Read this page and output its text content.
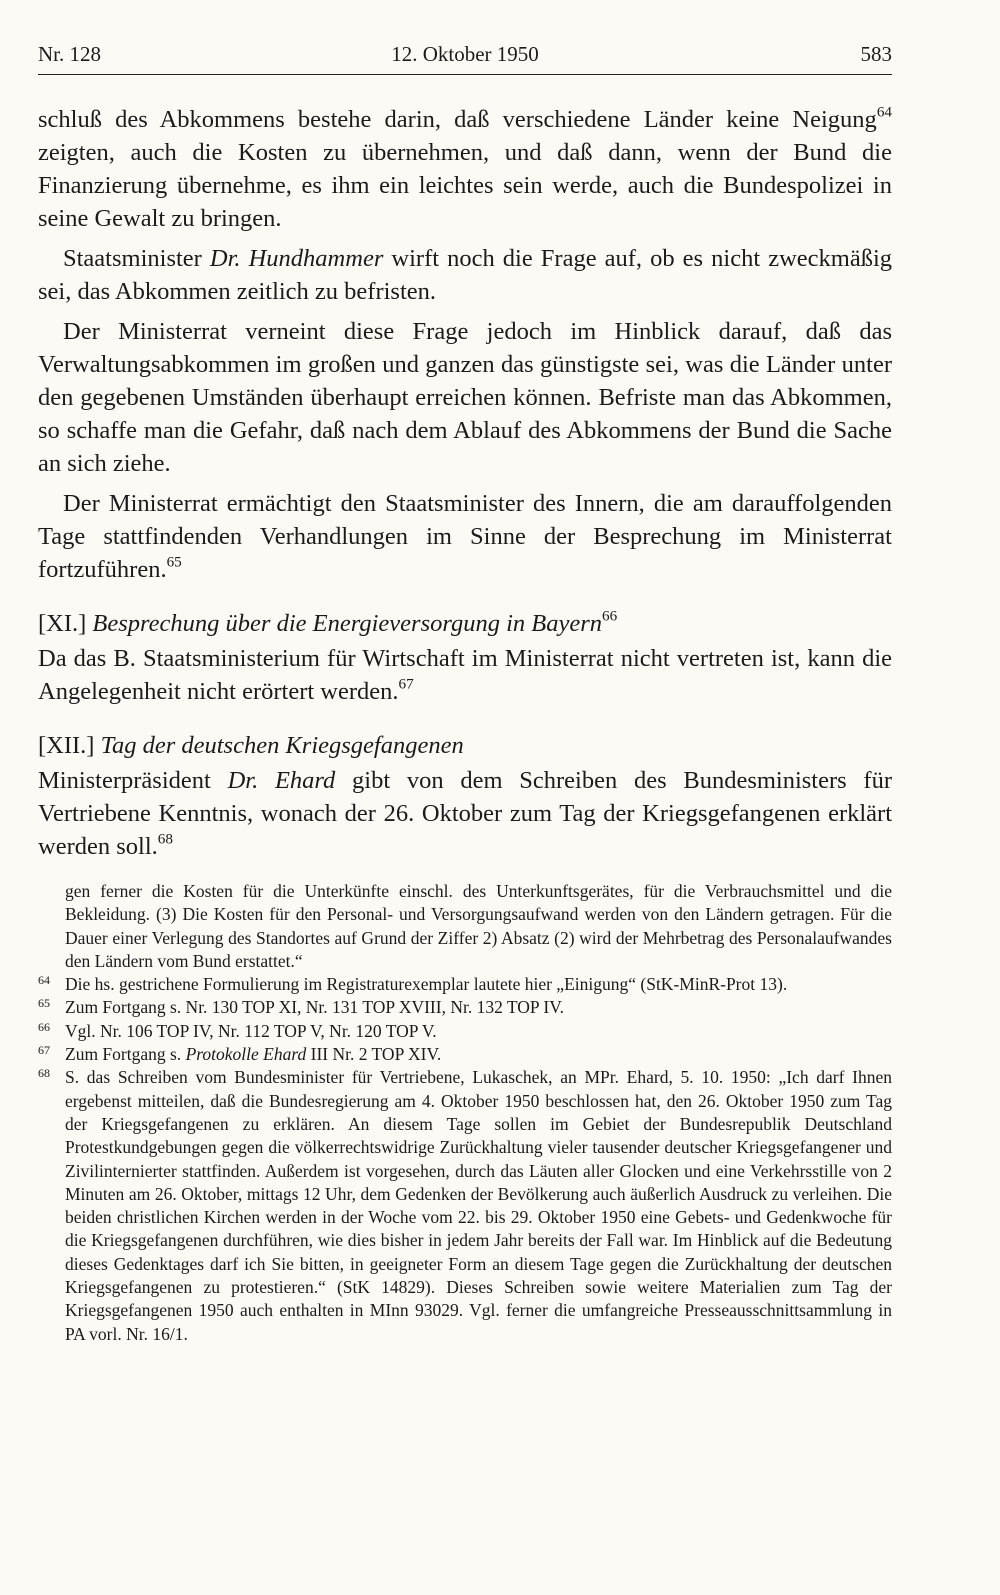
Nr. 128	12. Oktober 1950	583

schluß des Abkommens bestehe darin, daß verschiedene Länder keine Neigung$^{64}$ zeigten, auch die Kosten zu übernehmen, und daß dann, wenn der Bund die Finanzierung übernehme, es ihm ein leichtes sein werde, auch die Bundespolizei in seine Gewalt zu bringen.

Staatsminister Dr. Hundhammer wirft noch die Frage auf, ob es nicht zweckmäßig sei, das Abkommen zeitlich zu befristen.

Der Ministerrat verneint diese Frage jedoch im Hinblick darauf, daß das Verwaltungsabkommen im großen und ganzen das günstigste sei, was die Länder unter den gegebenen Umständen überhaupt erreichen können. Befriste man das Abkommen, so schaffe man die Gefahr, daß nach dem Ablauf des Abkommens der Bund die Sache an sich ziehe.

Der Ministerrat ermächtigt den Staatsminister des Innern, die am darauffolgenden Tage stattfindenden Verhandlungen im Sinne der Besprechung im Ministerrat fortzuführen.$^{65}$

[XI.] Besprechung über die Energieversorgung in Bayern$^{66}$

Da das B. Staatsministerium für Wirtschaft im Ministerrat nicht vertreten ist, kann die Angelegenheit nicht erörtert werden.$^{67}$

[XII.] Tag der deutschen Kriegsgefangenen

Ministerpräsident Dr. Ehard gibt von dem Schreiben des Bundesministers für Vertriebene Kenntnis, wonach der 26. Oktober zum Tag der Kriegsgefangenen erklärt werden soll.$^{68}$

gen ferner die Kosten für die Unterkünfte einschl. des Unterkunftsgerätes, für die Verbrauchsmittel und die Bekleidung. (3) Die Kosten für den Personal- und Versorgungsaufwand werden von den Ländern getragen. Für die Dauer einer Verlegung des Standortes auf Grund der Ziffer 2) Absatz (2) wird der Mehrbetrag des Personalaufwandes den Ländern vom Bund erstattet.“

64 Die hs. gestrichene Formulierung im Registraturexemplar lautete hier „Einigung“ (StK-MinR-Prot 13).

65 Zum Fortgang s. Nr. 130 TOP XI, Nr. 131 TOP XVIII, Nr. 132 TOP IV.

66 Vgl. Nr. 106 TOP IV, Nr. 112 TOP V, Nr. 120 TOP V.

67 Zum Fortgang s. Protokolle Ehard III Nr. 2 TOP XIV.

68 S. das Schreiben vom Bundesminister für Vertriebene, Lukaschek, an MPr. Ehard, 5. 10. 1950: „Ich darf Ihnen ergebenst mitteilen, daß die Bundesregierung am 4. Oktober 1950 beschlossen hat, den 26. Oktober 1950 zum Tag der Kriegsgefangenen zu erklären. An diesem Tage sollen im Gebiet der Bundesrepublik Deutschland Protestkundgebungen gegen die völkerrechtswidrige Zurückhaltung vieler tausender deutscher Kriegsgefangener und Zivilinternierter stattfinden. Außerdem ist vorgesehen, durch das Läuten aller Glocken und eine Verkehrsstille von 2 Minuten am 26. Oktober, mittags 12 Uhr, dem Gedenken der Bevölkerung auch äußerlich Ausdruck zu verleihen. Die beiden christlichen Kirchen werden in der Woche vom 22. bis 29. Oktober 1950 eine Gebets- und Gedenkwoche für die Kriegsgefangenen durchführen, wie dies bisher in jedem Jahr bereits der Fall war. Im Hinblick auf die Bedeutung dieses Gedenktages darf ich Sie bitten, in geeigneter Form an diesem Tage gegen die Zurückhaltung der deutschen Kriegsgefangenen zu protestieren.“ (StK 14829). Dieses Schreiben sowie weitere Materialien zum Tag der Kriegsgefangenen 1950 auch enthalten in MInn 93029. Vgl. ferner die umfangreiche Presseausschnittsammlung in PA vorl. Nr. 16/1.
